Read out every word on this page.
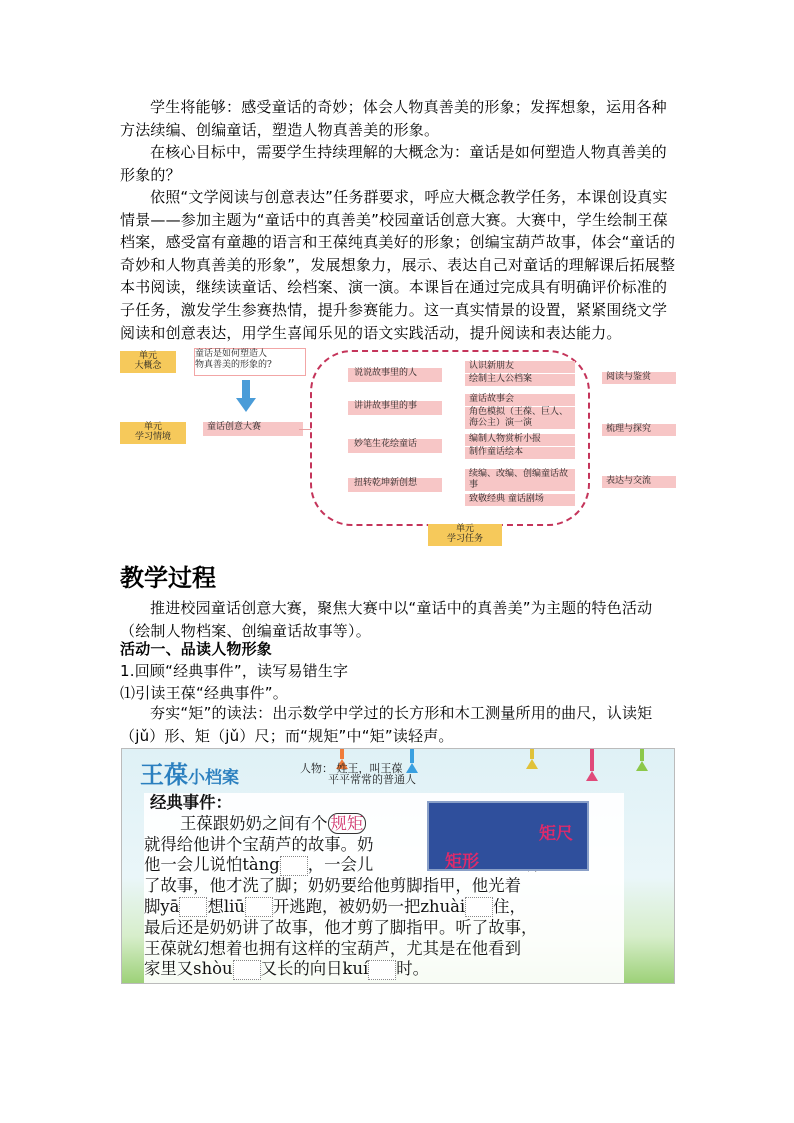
学生将能够：感受童话的奇妙；体会人物真善美的形象；发挥想象，运用各种方法续编、创编童话，塑造人物真善美的形象。
在核心目标中，需要学生持续理解的大概念为：童话是如何塑造人物真善美的形象的？
依照“文学阅读与创意表达”任务群要求，呼应大概念教学任务，本课创设真实情景——参加主题为“童话中的真善美”校园童话创意大赛。大赛中，学生绘制王葆档案，感受富有童趣的语言和王葆纯真美好的形象；创编宝葫芦故事，体会“童话的奇妙和人物真善美的形象”，发展想象力，展示、表达自己对童话的理解课后拓展整本书阅读，继续读童话、绘档案、演一演。本课旨在通过完成具有明确评价标准的子任务，激发学生参赛热情，提升参赛能力。这一真实情景的设置，紧紧围绕文学阅读和创意表达，用学生喜闻乐见的语文实践活动，提升阅读和表达能力。
单元
大概念
童话是如何塑造人
物真善美的形象的?
单元
学习情境
童话创意大赛
说说故事里的人
讲讲故事里的事
妙笔生花绘童话
扭转乾坤新创想
认识新朋友
绘制主人公档案
童话故事会
角色模拟（王葆、巨人、海公主）演一演
编制人物赏析小报
制作童话绘本
续编、改编、创编童话故事
致敬经典 童话剧场
阅读与鉴赏
梳理与探究
表达与交流
单元
学习任务
教学过程
推进校园童话创意大赛，聚焦大赛中以“童话中的真善美”为主题的特色活动（绘制人物档案、创编童话故事等）。
活动一、品读人物形象
1.回顾“经典事件”，读写易错生字
⑴引读王葆“经典事件”。
夯实“矩”的读法：出示数学中学过的长方形和木工测量所用的曲尺，认读矩（jǔ）形、矩（jǔ）尺；而“规矩”中“矩”读轻声。
王葆小档案	人物： 姓王，叫王葆
平平常常的普通人
经典事件：
王葆跟奶奶之间有个 规矩
就得给他讲个宝葫芦的故事。奶
他一会儿说怕tàng ，一会儿
了故事，他才洗了脚；奶奶要给他剪脚指甲，他光着
脚yā 想liū 开逃跑，被奶奶一把zhuài 住，
最后还是奶奶讲了故事，他才剪了脚指甲。听了故事，
王葆就幻想着也拥有这样的宝葫芦，尤其是在他看到
家里又shòu 又长的向日kuí 时。
矩尺
矩形
